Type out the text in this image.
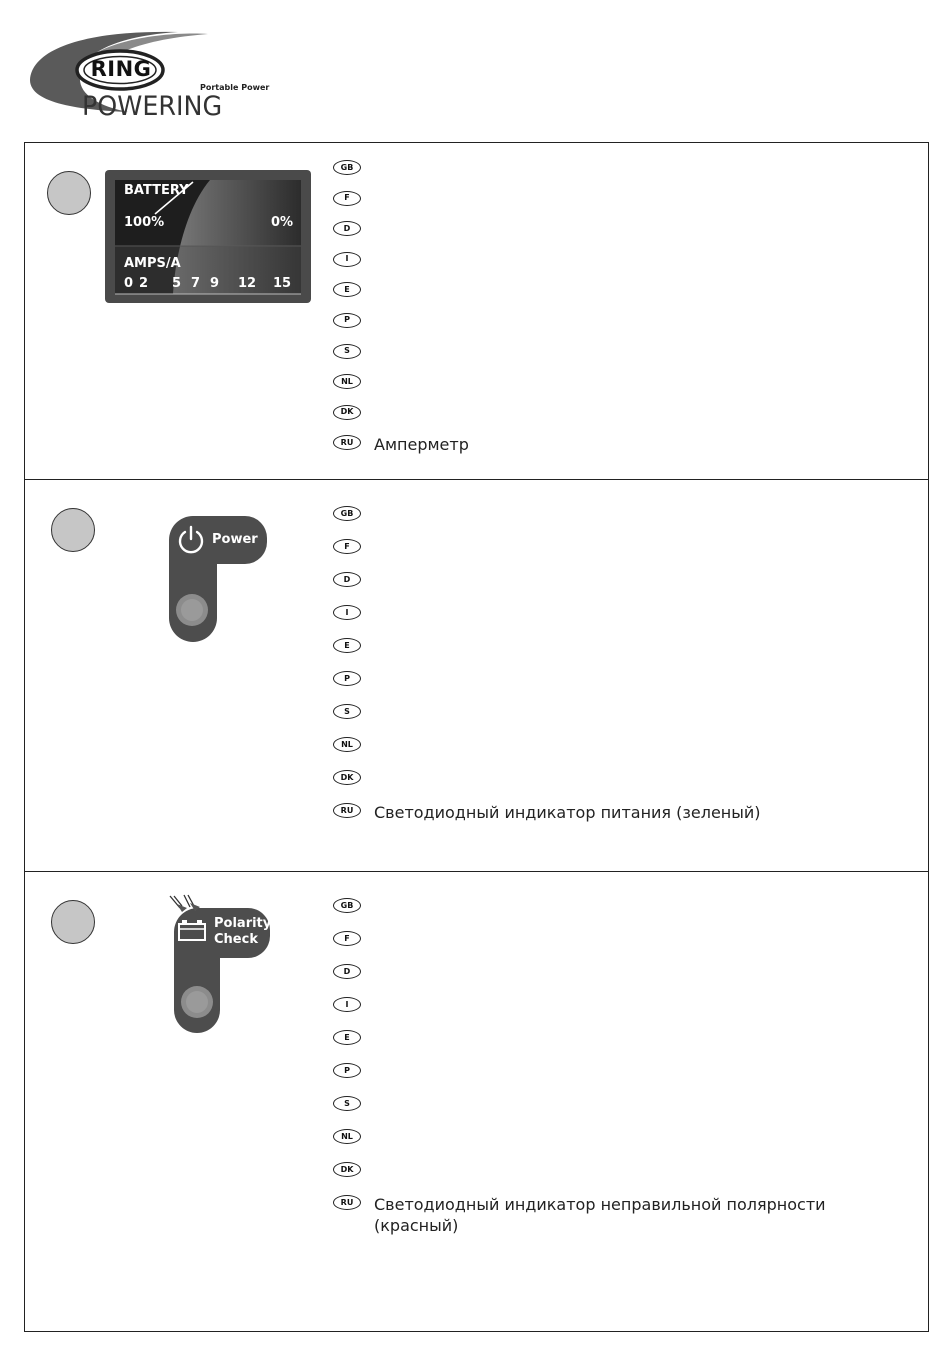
RING
Portable Power
POWERING
BATTERY
100%	0%
AMPS/A
0 2 5 7 9 12 15
GB
F
D
I
E
P
S
NL
DK
RU	Амперметр
Power
GB
F
D
I
E
P
S
NL
DK
RU	Светодиодный индикатор питания (зеленый)
Polarity
Check
GB
F
D
I
E
P
S
NL
DK
RU	Светодиодный индикатор неправильной полярности (красный)
